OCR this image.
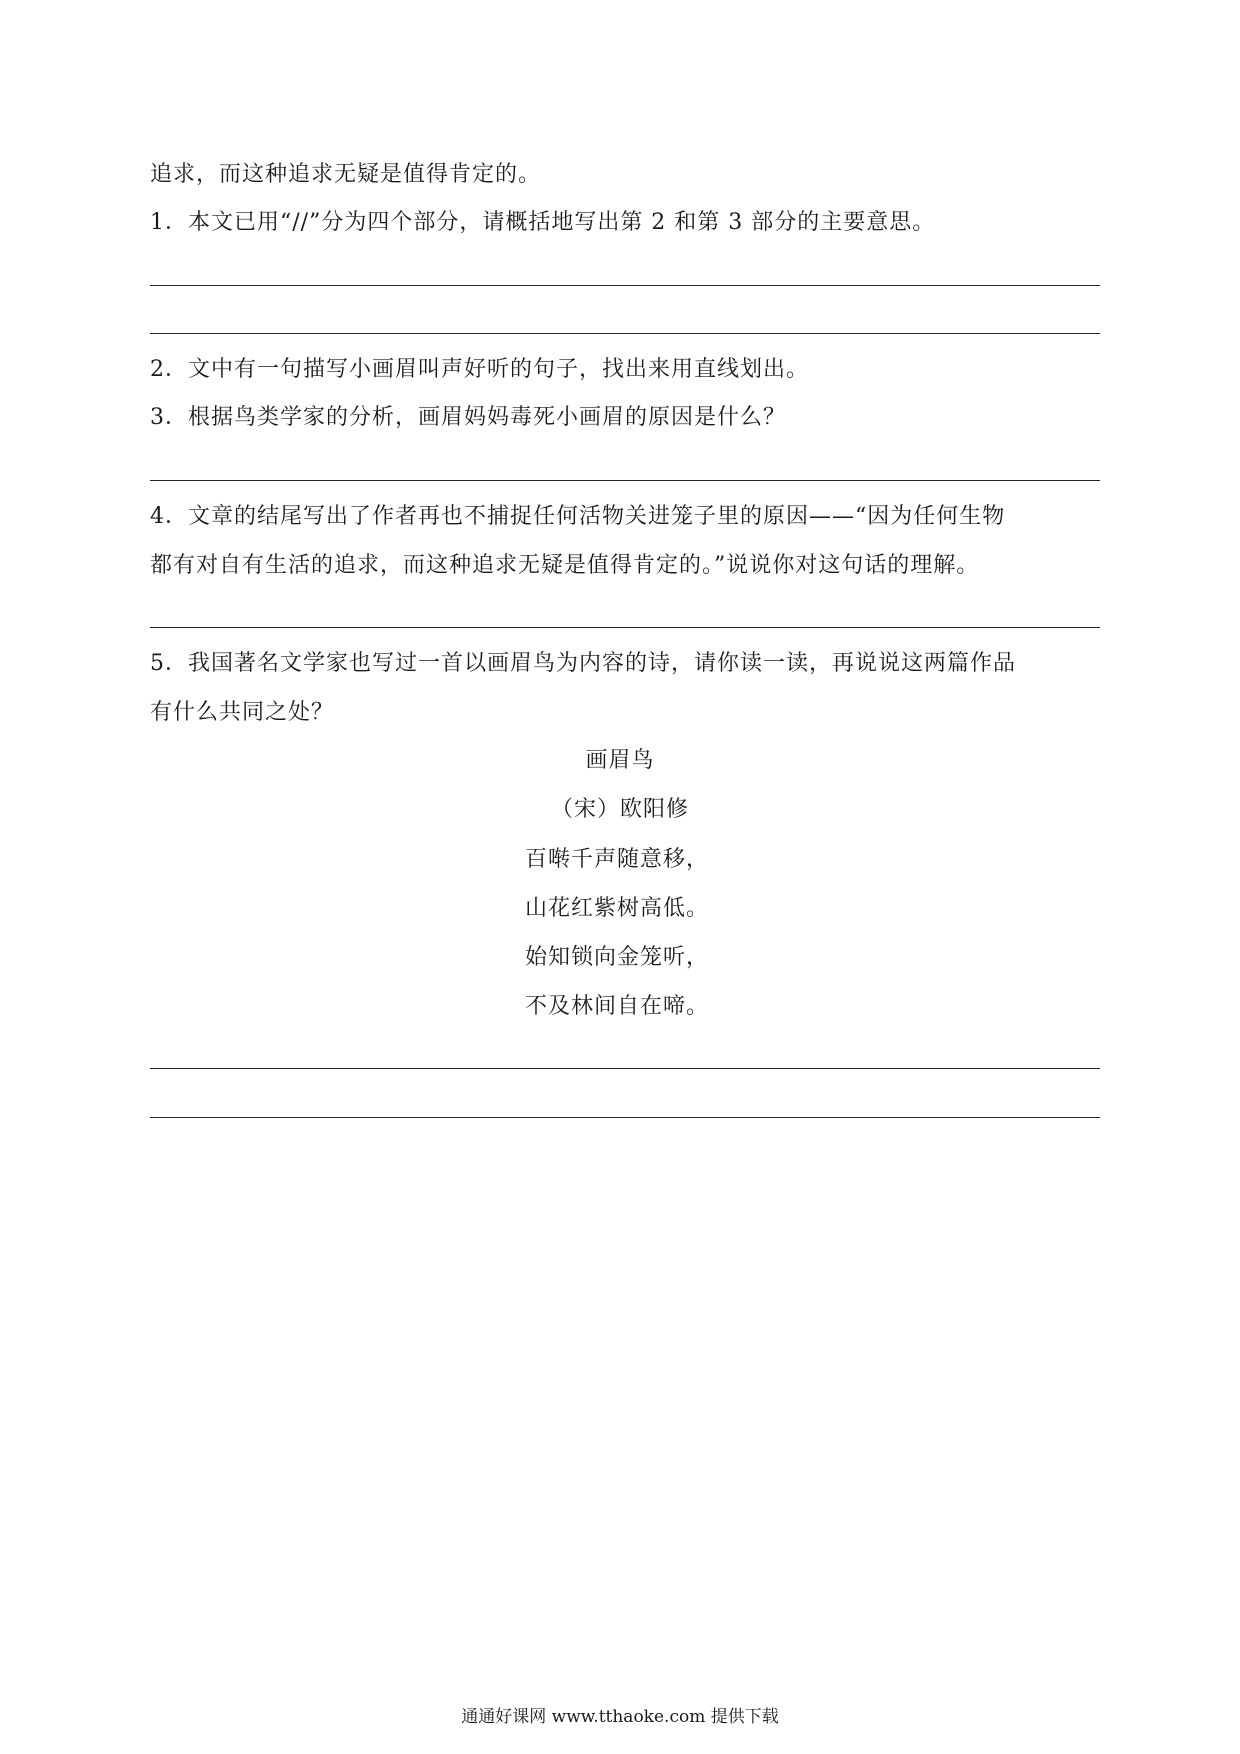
追求，而这种追求无疑是值得肯定的。
1．本文已用“//”分为四个部分，请概括地写出第 2 和第 3 部分的主要意思。
2．文中有一句描写小画眉叫声好听的句子，找出来用直线划出。
3．根据鸟类学家的分析，画眉妈妈毒死小画眉的原因是什么？
4．文章的结尾写出了作者再也不捕捉任何活物关进笼子里的原因——“因为任何生物
都有对自有生活的追求，而这种追求无疑是值得肯定的。”说说你对这句话的理解。
5．我国著名文学家也写过一首以画眉鸟为内容的诗，请你读一读，再说说这两篇作品
有什么共同之处？
画眉鸟
（宋）欧阳修
百啭千声随意移，
山花红紫树高低。
始知锁向金笼听，
不及林间自在啼。
通通好课网 www.tthaoke.com 提供下载
